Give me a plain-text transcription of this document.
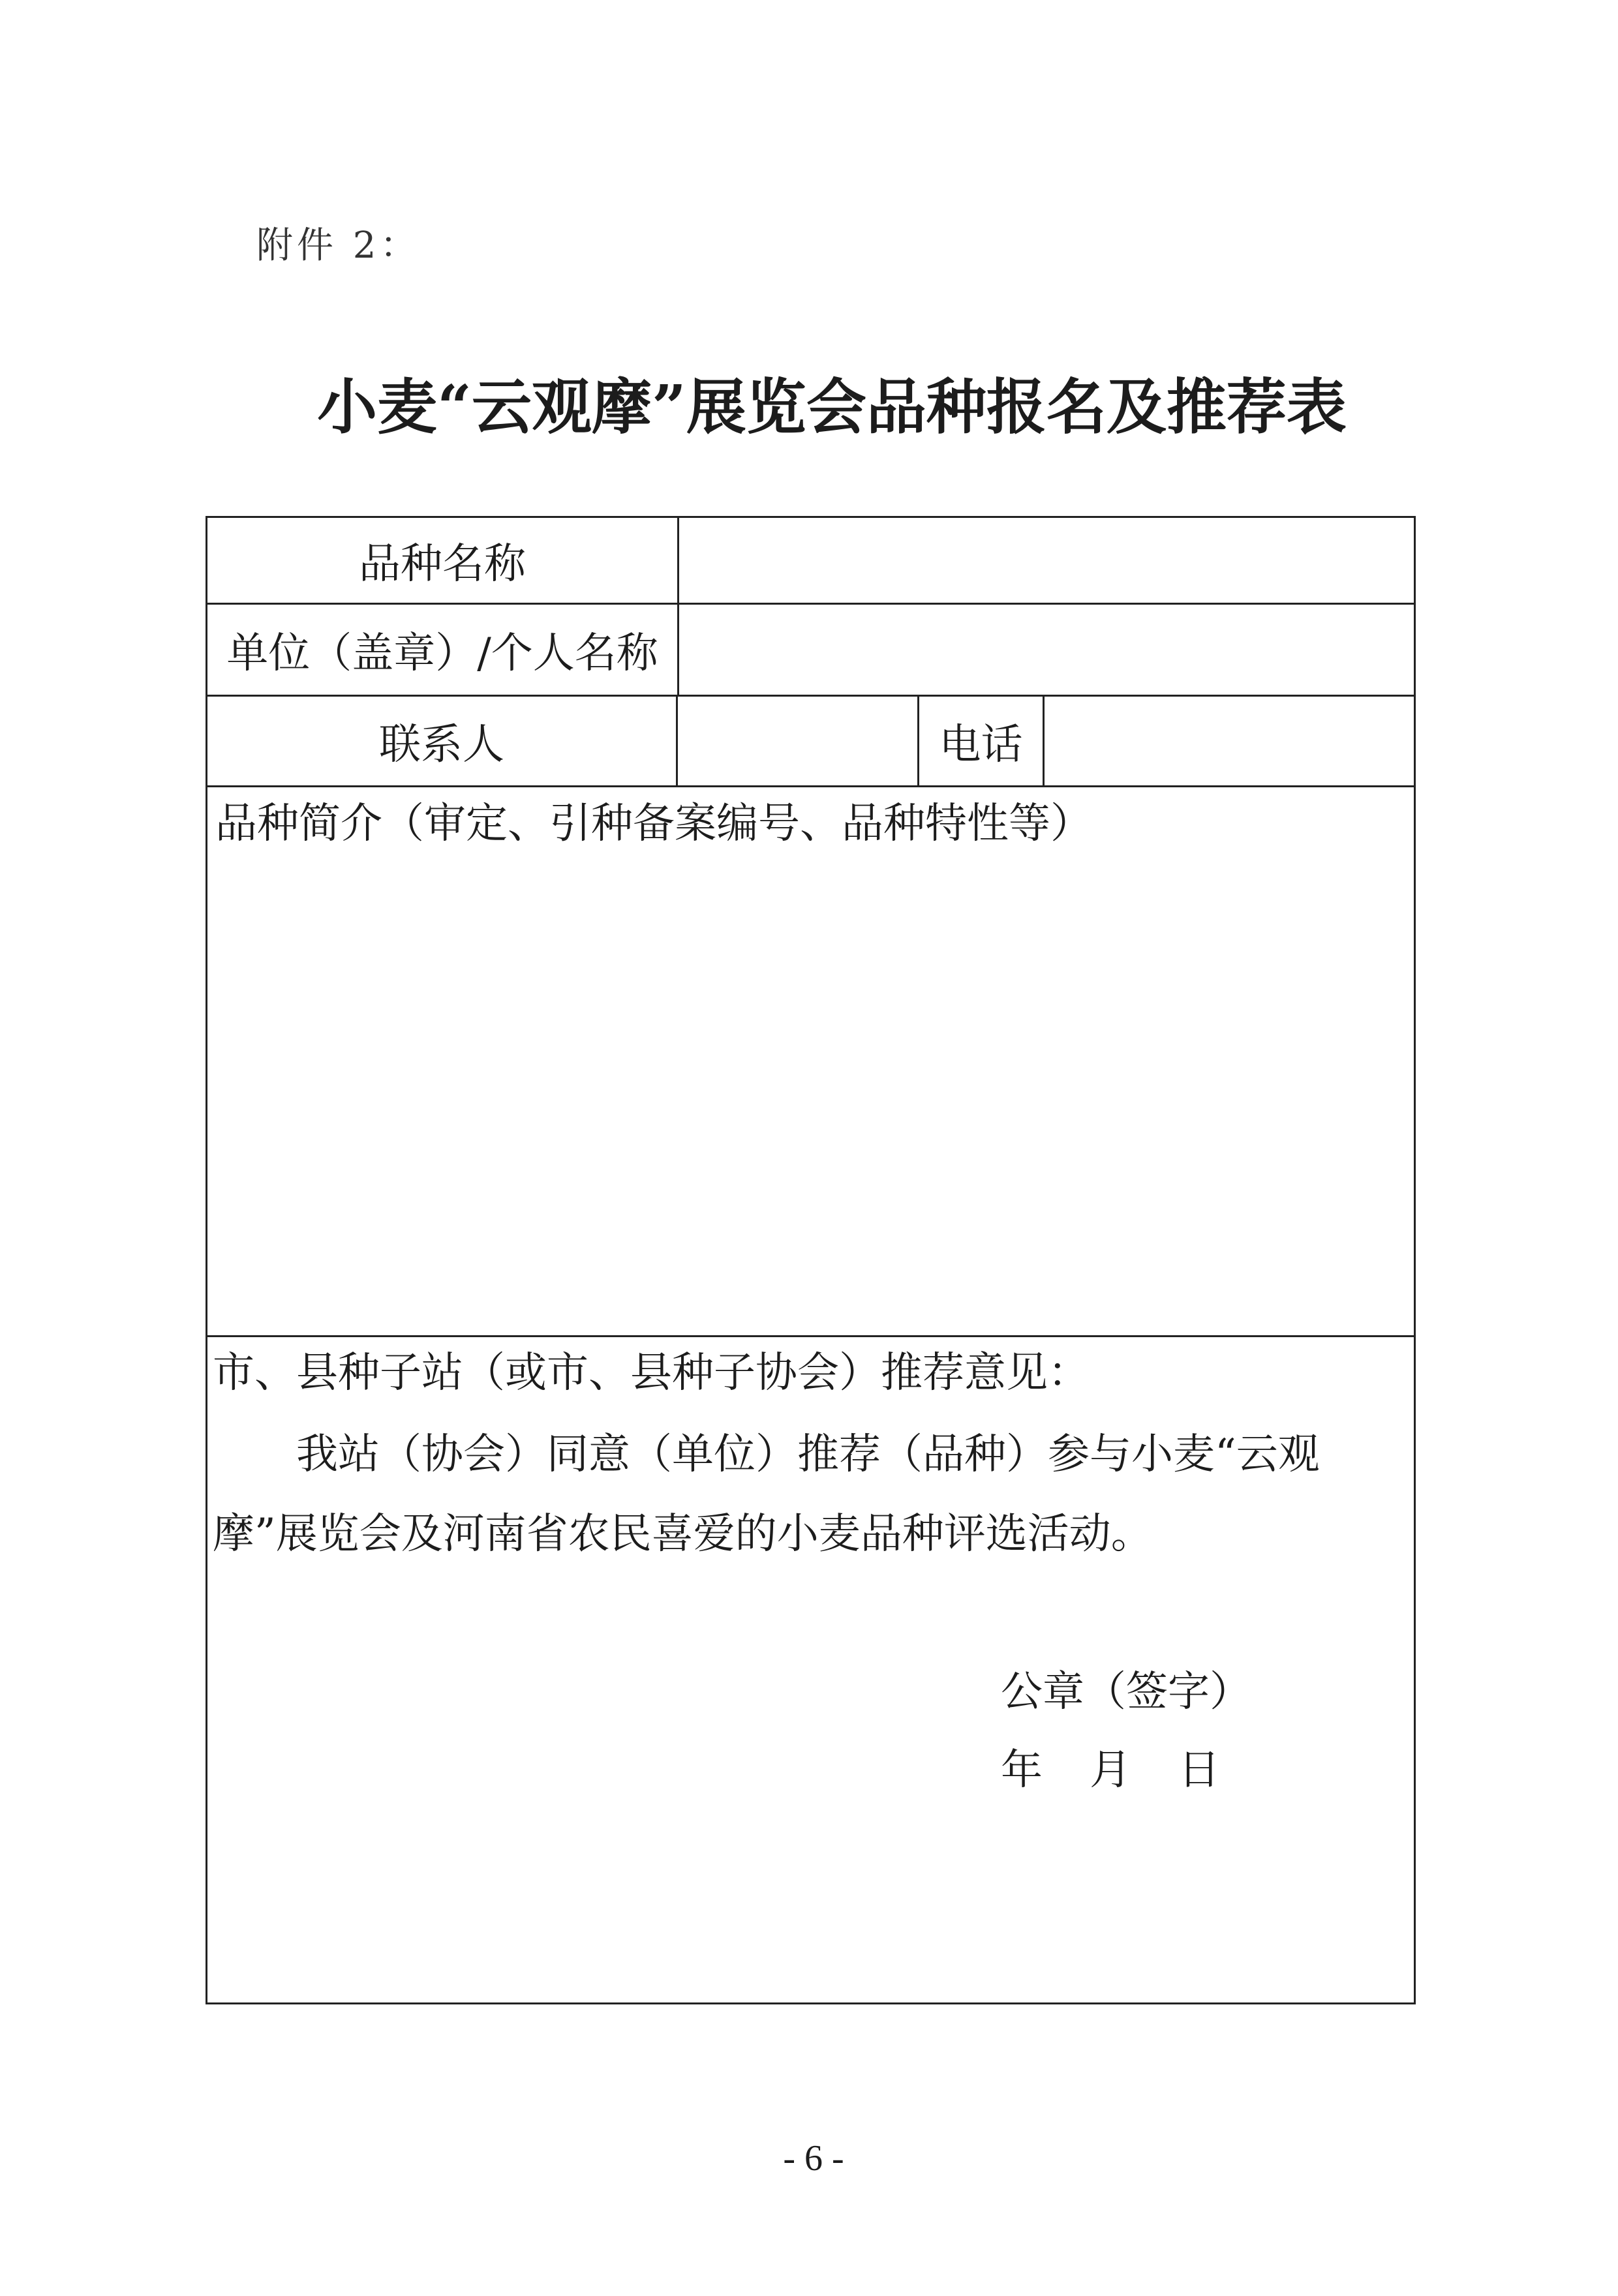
附件 2：
小麦“云观摩”展览会品种报名及推荐表
品种名称
单位（盖章）/个人名称
联系人	电话
品种简介（审定、引种备案编号、品种特性等）
市、县种子站（或市、县种子协会）推荐意见：
我站（协会）同意（单位）推荐（品种）参与小麦“云观
摩”展览会及河南省农民喜爱的小麦品种评选活动。
公章（签字）
年　月　日
- 6 -
